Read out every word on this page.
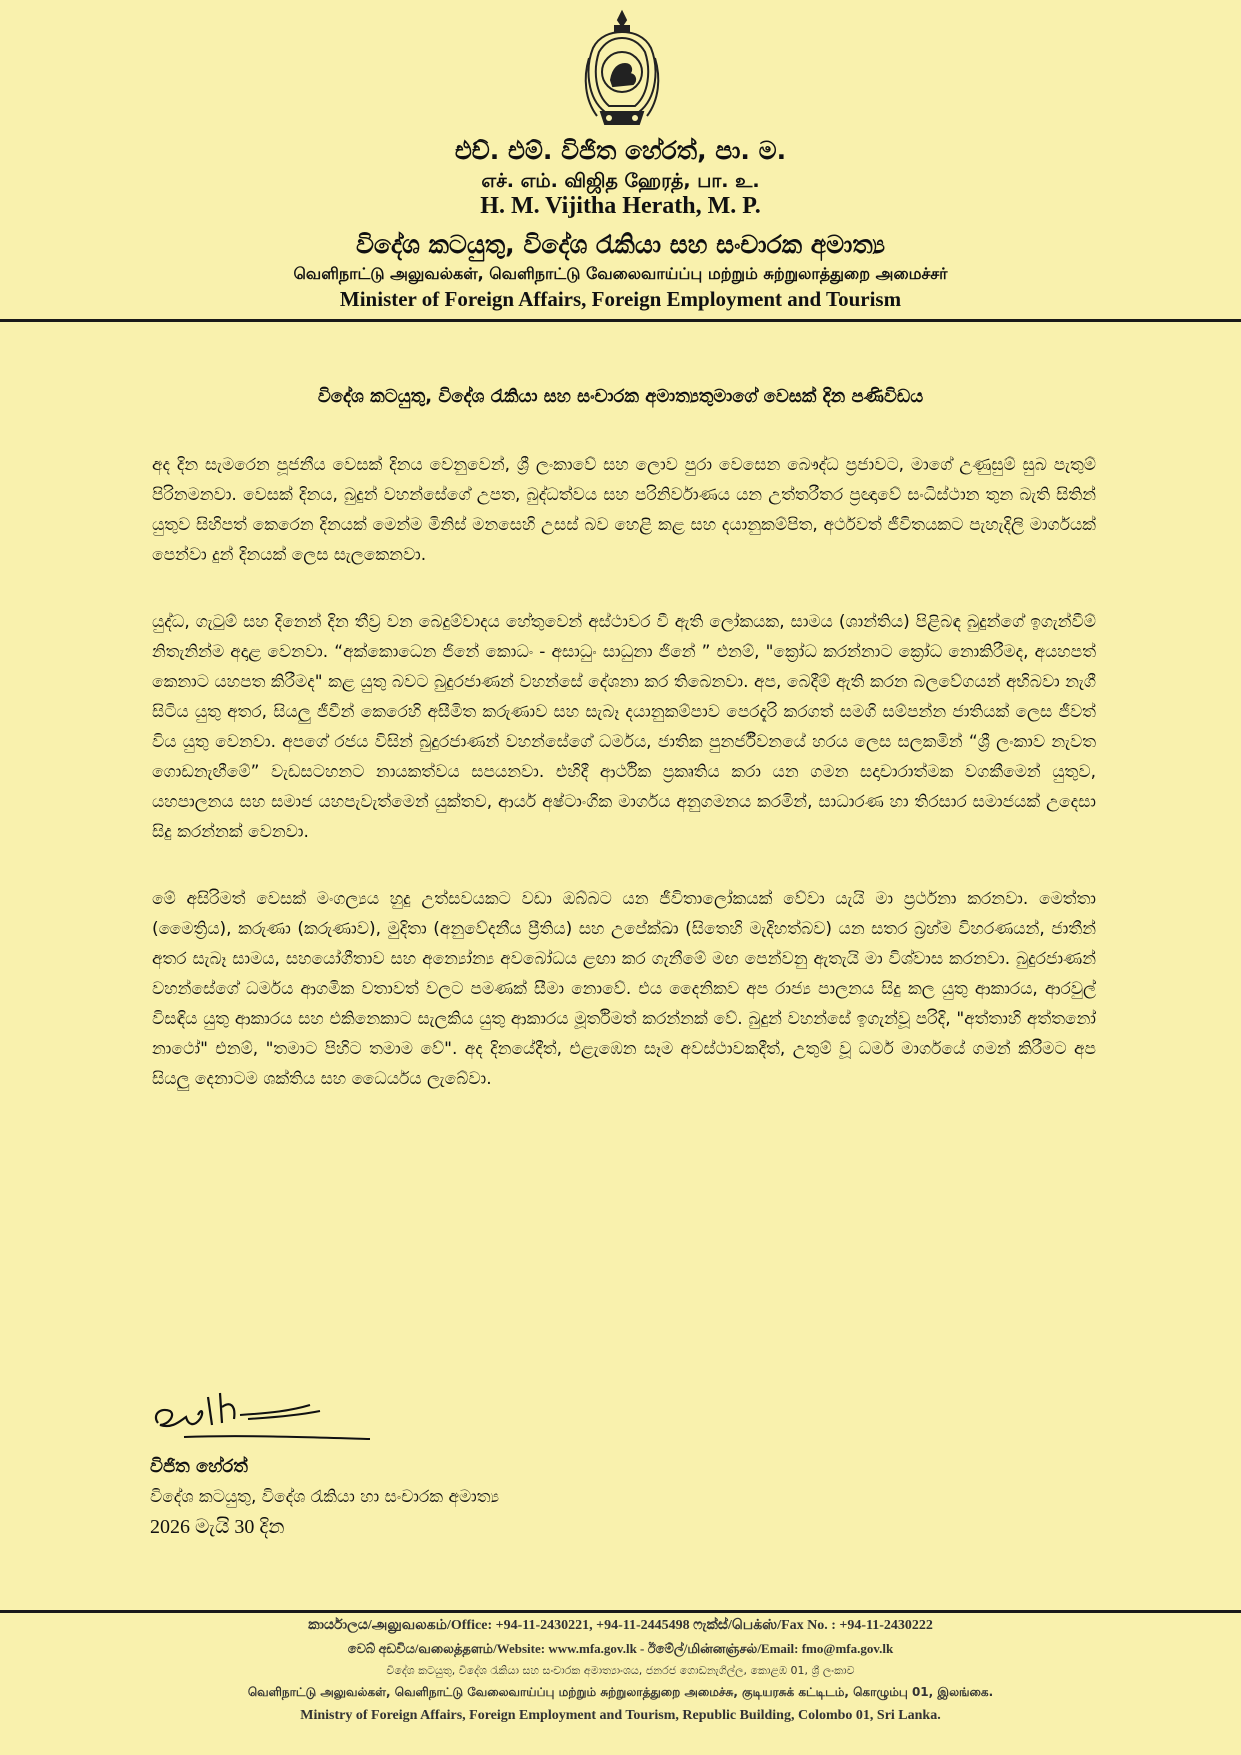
එච්. එම්. විජිත හේරත්, පා. ම.
எச். எம். விஜித ஹேரத், பா. உ.
H. M. Vijitha Herath, M. P.
විදේශ කටයුතු, විදේශ රැකියා සහ සංචාරක අමාත්‍ය
வெளிநாட்டு அலுவல்கள், வெளிநாட்டு வேலைவாய்ப்பு மற்றும் சுற்றுலாத்துறை அமைச்சர்
Minister of Foreign Affairs, Foreign Employment and Tourism
විදේශ කටයුතු, විදේශ රැකියා සහ සංචාරක අමාත්‍යතුමාගේ වෙසක් දින පණිවිඩය

අද දින සැමරෙන පූජනීය වෙසක් දිනය වෙනුවෙන්, ශ්‍රී ලංකාවේ සහ ලොව පුරා වෙසෙන බෞද්ධ ප්‍රජාවට, මාගේ උණුසුම් සුබ පැතුම් පිරිනමනවා. වෙසක් දිනය, බුදුන් වහන්සේගේ උපත, බුද්ධත්වය සහ පරිනිර්වාණය යන උත්තරීතර ප්‍රඥාවේ සංධිස්ථාන තුන බැති සිතින් යුතුව සිහිපත් කෙරෙන දිනයක් මෙන්ම මිනිස් මනසෙහි උසස් බව හෙළි කළ සහ දයානුකම්පිත, අර්ථවත් ජීවිතයකට පැහැදිලි මාර්ගයක් පෙන්වා දුන් දිනයක් ලෙස සැලකෙනවා.

යුද්ධ, ගැටුම් සහ දිනෙන් දින තීව්‍ර වන බෙදුම්වාදය හේතුවෙන් අස්ථාවර වී ඇති ලෝකයක, සාමය (ශාන්තිය) පිළිබඳ බුදුන්ගේ ඉගැන්වීම් නිතැනින්ම අදාළ වෙනවා. “අක්කොධෙන ජිනේ කොධං - අසාධුං සාධුනා ජිනේ ” එනම්, "ක්‍රෝධ කරන්නාට ක්‍රෝධ නොකිරීමද, අයහපත් කෙනාට යහපත කිරීමද" කළ යුතු බවට බුදුරජාණන් වහන්සේ දේශනා කර තිබෙනවා. අප, බෙදීම් ඇති කරන බලවේගයන් අභිබවා නැගී සිටිය යුතු අතර, සියලු ජීවීන් කෙරෙහි අසීමිත කරුණාව සහ සැබෑ දයානුකම්පාව පෙරදැරි කරගත් සමගි සම්පන්න ජාතියක් ලෙස ජීවත් විය යුතු වෙනවා. අපගේ රජය විසින් බුදුරජාණන් වහන්සේගේ ධර්මය, ජාතික පුනර්ජීවනයේ හරය ලෙස සලකමින් “ශ්‍රී ලංකාව නැවත ගොඩනැඟීමේ” වැඩසටහනට නායකත්වය සපයනවා. එහිදී ආර්ථික ප්‍රකෘතිය කරා යන ගමන සදාචාරාත්මක වගකීමෙන් යුතුව, යහපාලනය සහ සමාජ යහපැවැත්මෙන් යුක්තව, ආර්ය අෂ්ටාංගික මාර්ගය අනුගමනය කරමින්, සාධාරණ හා තිරසාර සමාජයක් උදෙසා සිදු කරන්නක් වෙනවා.

මේ අසිරිමත් වෙසක් මංගල්‍යය හුදු උත්සවයකට වඩා ඔබ්බට යන ජීවිතාලෝකයක් වේවා යැයි මා ප්‍රර්ථනා කරනවා. මෙත්තා (මෛත්‍රිය), කරුණා (කරුණාව), මුදිතා (අනුවේදනීය ප්‍රීතිය) සහ උපේක්ඛා (සිතෙහි මැදිහත්බව) යන සතර බ්‍රහ්ම විහරණයන්, ජාතීන් අතර සැබෑ සාමය, සහයෝගීතාව සහ අන්‍යෝන්‍ය අවබෝධය ළඟා කර ගැනීමේ මඟ පෙන්වනු ඇතැයි මා විශ්වාස කරනවා. බුදුරජාණන් වහන්සේගේ ධර්මය ආගමික වතාවත් වලට පමණක් සීමා නොවේ. එය දෛනිකව අප රාජ්‍ය පාලනය සිදු කල යුතු ආකාරය, ආරවුල් විසඳිය යුතු ආකාරය සහ එකිනෙකාට සැලකිය යුතු ආකාරය මූර්තිමත් කරන්නක් වේ. බුදුන් වහන්සේ ඉගැන්වූ පරිදි, "අත්තාහි අත්තනෝ නාථෝ" එනම්, "තමාට පිහිට තමාම වේ". අද දිනයේදීත්, එළැඹෙන සෑම අවස්ථාවකදීත්, උතුම් වූ ධර්ම මාර්ගයේ ගමන් කිරීමට අප සියලු දෙනාටම ශක්තිය සහ ධෛර්යය ලැබේවා.

විජිත හේරත්
විදේශ කටයුතු, විදේශ රැකියා හා සංචාරක අමාත්‍ය
2026 මැයි 30 දින
කාර්යාලය/அலுவலகம்/Office: +94-11-2430221, +94-11-2445498 ෆැක්ස්/பெக்ஸ்/Fax No. : +94-11-2430222
වෙබ් අඩවිය/வலைத்தளம்/Website: www.mfa.gov.lk - ඊමේල්/மின்னஞ்சல்/Email: fmo@mfa.gov.lk
විදේශ කටයුතු, විදේශ රැකියා සහ සංචාරක අමාත්‍යාංශය, ජනරජ ගොඩනැගිල්ල, කොළඹ 01, ශ්‍රී ලංකාව
வெளிநாட்டு அலுவல்கள், வெளிநாட்டு வேலைவாய்ப்பு மற்றும் சுற்றுலாத்துறை அமைச்சு, குடியரசுக் கட்டிடம், கொழும்பு 01, இலங்கை.
Ministry of Foreign Affairs, Foreign Employment and Tourism, Republic Building, Colombo 01, Sri Lanka.
